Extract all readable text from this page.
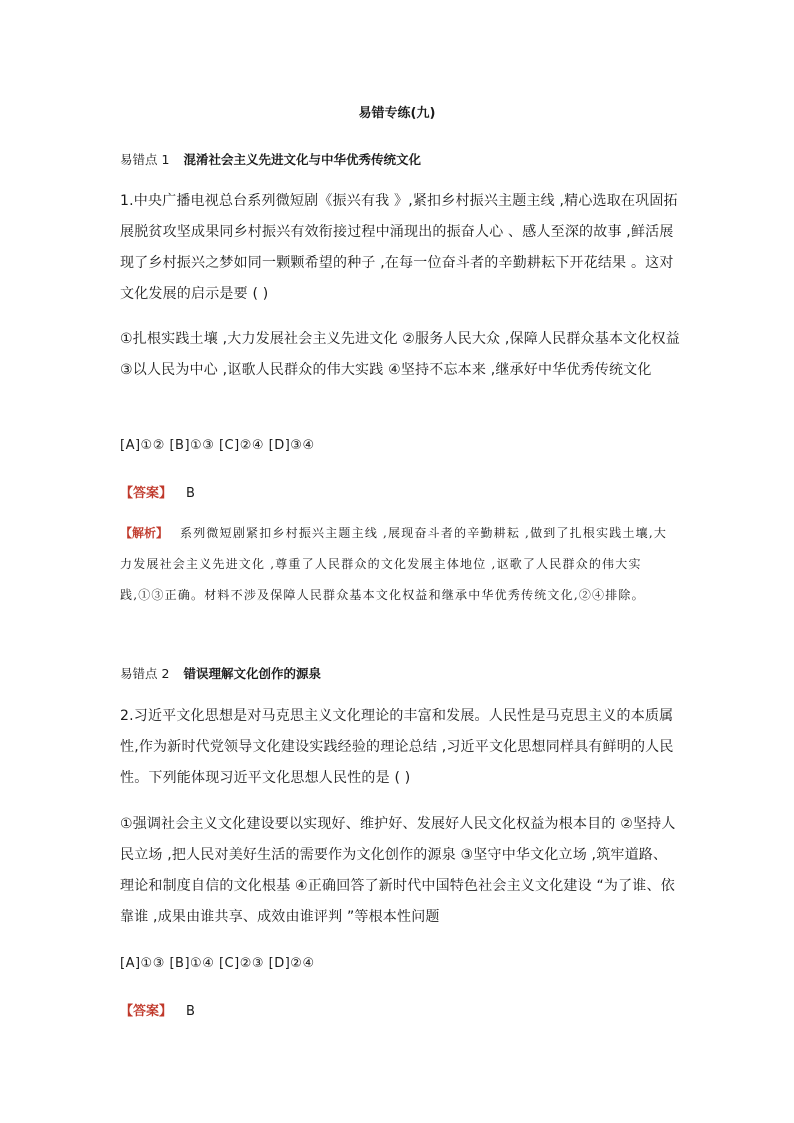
易错专练(九)
易错点 1 混淆社会主义先进文化与中华优秀传统文化
1.中央广播电视总台系列微短剧《振兴有我 》,紧扣乡村振兴主题主线 ,精心选取在巩固拓展脱贫攻坚成果同乡村振兴有效衔接过程中涌现出的振奋人心 、感人至深的故事 ,鲜活展现了乡村振兴之梦如同一颗颗希望的种子 ,在每一位奋斗者的辛勤耕耘下开花结果 。这对文化发展的启示是要 ( )
①扎根实践土壤 ,大力发展社会主义先进文化 ②服务人民大众 ,保障人民群众基本文化权益 ③以人民为中心 ,讴歌人民群众的伟大实践 ④坚持不忘本来 ,继承好中华优秀传统文化
[A]①② [B]①③ [C]②④ [D]③④
【答案】 B
【解析】 系列微短剧紧扣乡村振兴主题主线 ,展现奋斗者的辛勤耕耘 ,做到了扎根实践土壤,大力发展社会主义先进文化 ,尊重了人民群众的文化发展主体地位 ,讴歌了人民群众的伟大实践,①③正确。材料不涉及保障人民群众基本文化权益和继承中华优秀传统文化,②④排除。
易错点 2 错误理解文化创作的源泉
2.习近平文化思想是对马克思主义文化理论的丰富和发展。人民性是马克思主义的本质属性,作为新时代党领导文化建设实践经验的理论总结 ,习近平文化思想同样具有鲜明的人民性。下列能体现习近平文化思想人民性的是 ( )
①强调社会主义文化建设要以实现好、维护好、发展好人民文化权益为根本目的 ②坚持人民立场 ,把人民对美好生活的需要作为文化创作的源泉 ③坚守中华文化立场 ,筑牢道路、理论和制度自信的文化根基 ④正确回答了新时代中国特色社会主义文化建设 “为了谁、依靠谁 ,成果由谁共享、成效由谁评判 ”等根本性问题
[A]①③ [B]①④ [C]②③ [D]②④
【答案】 B
